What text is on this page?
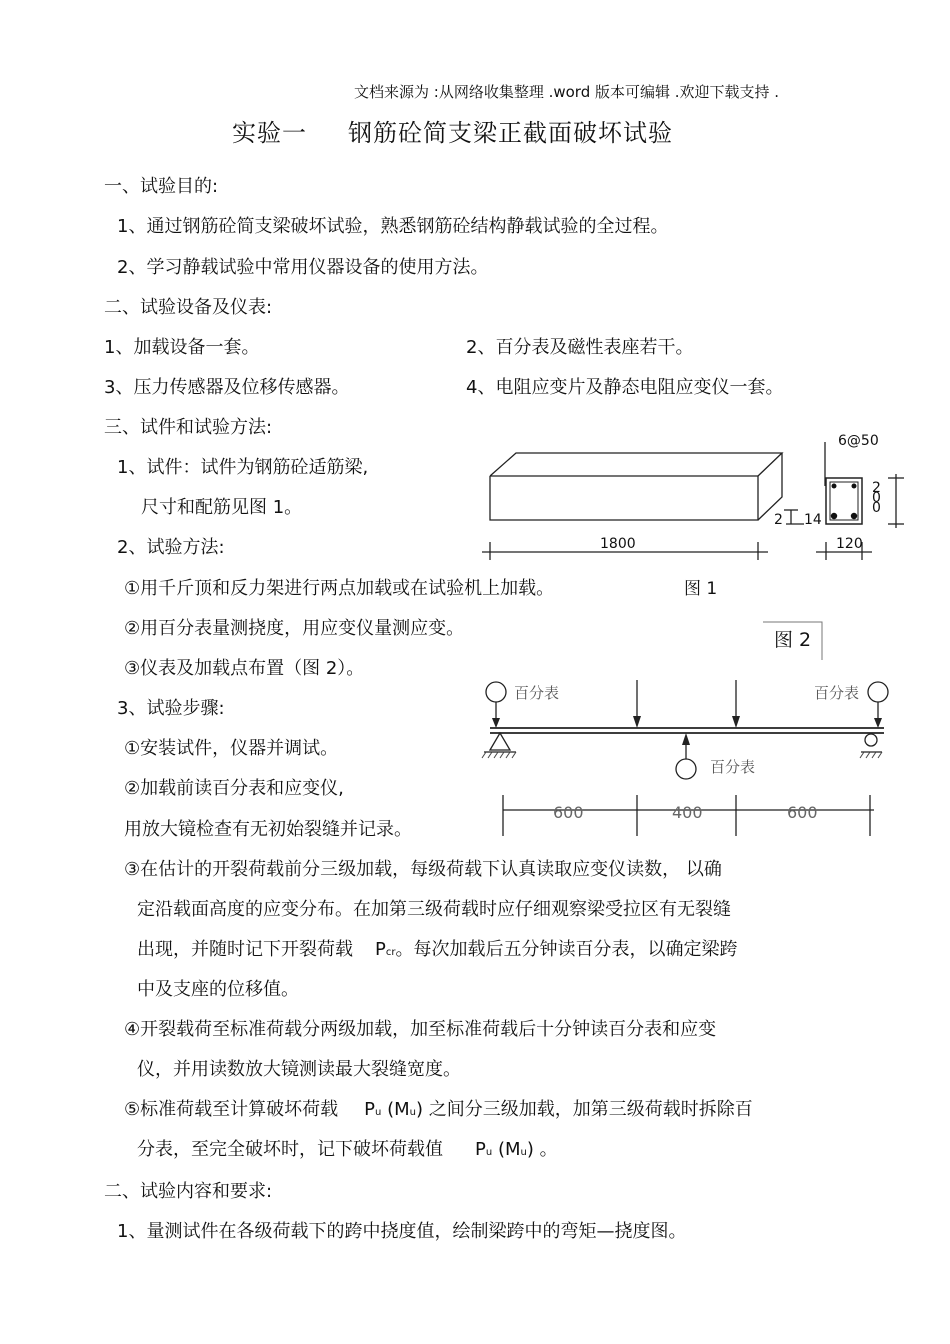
文档来源为 :从网络收集整理 .word 版本可编辑 .欢迎下载支持 .
实验一 钢筋砼简支梁正截面破坏试验
一、试验目的:
1、通过钢筋砼简支梁破坏试验，熟悉钢筋砼结构静载试验的全过程。
2、学习静载试验中常用仪器设备的使用方法。
二、试验设备及仪表:
1、加载设备一套。	2、百分表及磁性表座若干。
3、压力传感器及位移传感器。	4、电阻应变片及静态电阻应变仪一套。
三、试件和试验方法:
1、试件：试件为钢筋砼适筋梁,
尺寸和配筋见图 1。
2、试验方法:
①用千斤顶和反力架进行两点加载或在试验机上加载。
②用百分表量测挠度，用应变仪量测应变。
③仪表及加载点布置（图 2）。
3、试验步骤:
①安装试件，仪器并调试。
②加载前读百分表和应变仪,
用放大镜检查有无初始裂缝并记录。
③在估计的开裂荷载前分三级加载，每级荷载下认真读取应变仪读数， 以确
定沿载面高度的应变分布。在加第三级荷载时应仔细观察梁受拉区有无裂缝
出现，并随时记下开裂荷载 Pcr。每次加载后五分钟读百分表，以确定梁跨
中及支座的位移值。
④开裂载荷至标准荷载分两级加载，加至标准荷载后十分钟读百分表和应变
仪，并用读数放大镜测读最大裂缝宽度。
⑤标准荷载至计算破坏荷载 Pu (Mu) 之间分三级加载，加第三级荷载时拆除百
分表，至完全破坏时，记下破坏荷载值 Pu (Mu) 。
二、试验内容和要求:
1、量测试件在各级荷载下的跨中挠度值，绘制梁跨中的弯矩—挠度图。
1800
6@50
2 14
200
120
图 1
图 2
百分表	百分表
百分表
600	400	600
